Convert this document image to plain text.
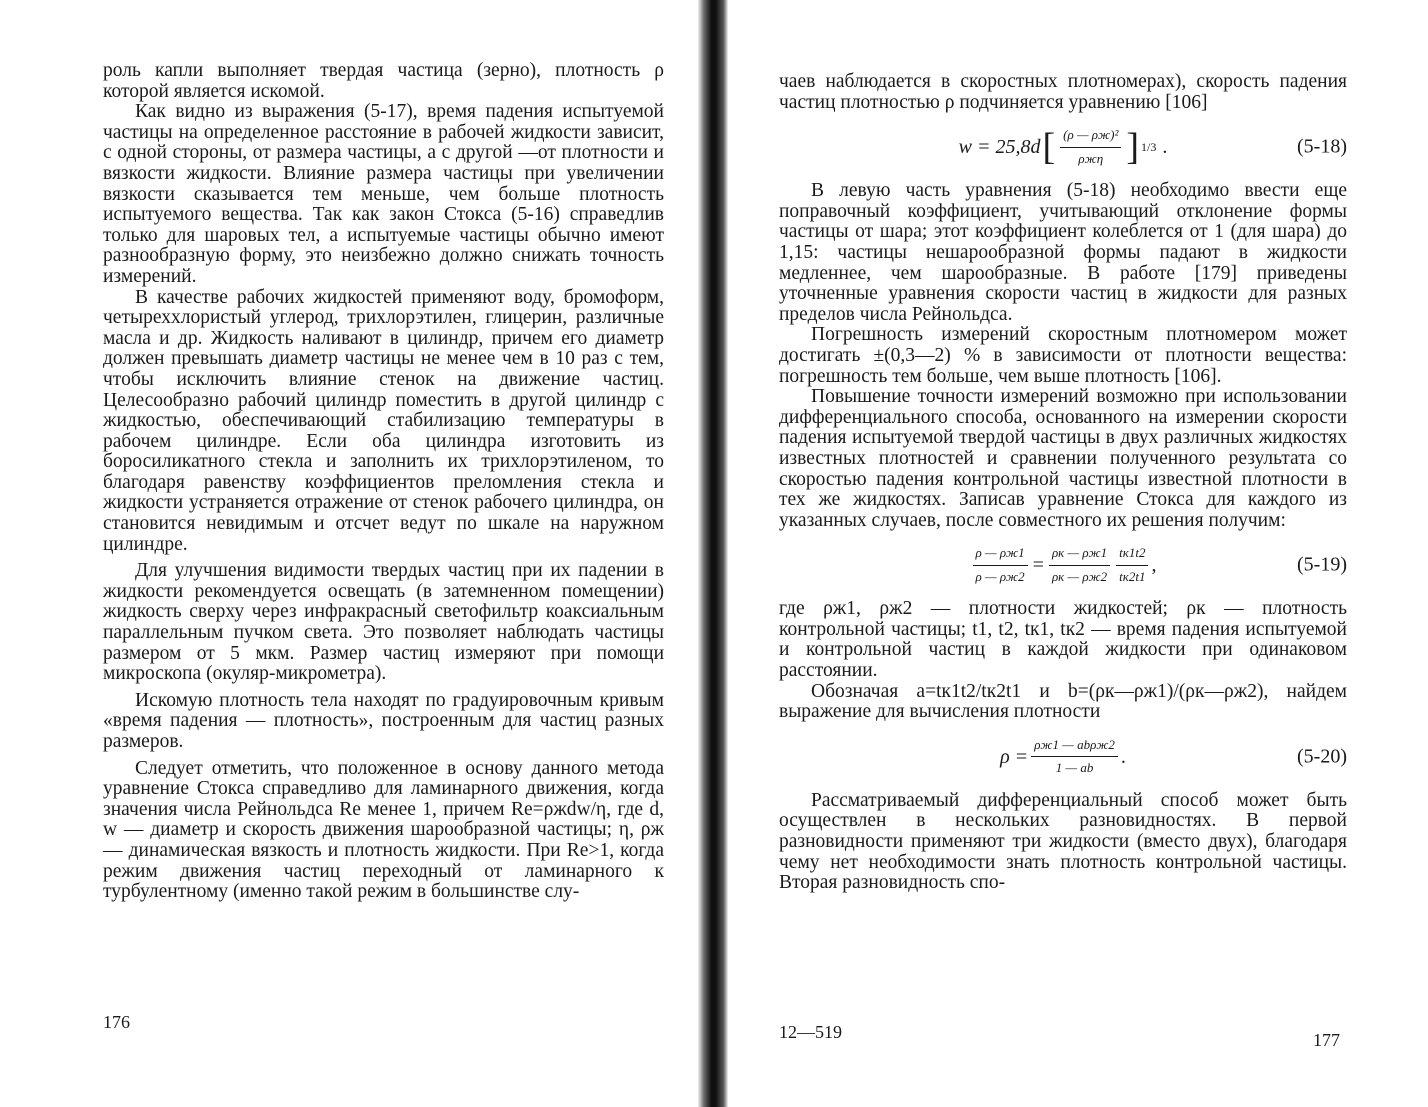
роль капли выполняет твердая частица (зерно), плотность ρ которой является искомой.

Как видно из выражения (5-17), время падения испытуемой частицы на определенное расстояние в рабочей жидкости зависит, с одной стороны, от размера частицы, а с другой —от плотности и вязкости жидкости. Влияние размера частицы при увеличении вязкости сказывается тем меньше, чем больше плотность испытуемого вещества. Так как закон Стокса (5-16) справедлив только для шаровых тел, а испытуемые частицы обычно имеют разнообразную форму, это неизбежно должно снижать точность измерений.

В качестве рабочих жидкостей применяют воду, бромоформ, четыреххлористый углерод, трихлорэтилен, глицерин, различные масла и др. Жидкость наливают в цилиндр, причем его диаметр должен превышать диаметр частицы не менее чем в 10 раз с тем, чтобы исключить влияние стенок на движение частиц. Целесообразно рабочий цилиндр поместить в другой цилиндр с жидкостью, обеспечивающий стабилизацию температуры в рабочем цилиндре. Если оба цилиндра изготовить из боросиликатного стекла и заполнить их трихлорэтиленом, то благодаря равенству коэффициентов преломления стекла и жидкости устраняется отражение от стенок рабочего цилиндра, он становится невидимым и отсчет ведут по шкале на наружном цилиндре.

Для улучшения видимости твердых частиц при их падении в жидкости рекомендуется освещать (в затемненном помещении) жидкость сверху через инфракрасный светофильтр коаксиальным параллельным пучком света. Это позволяет наблюдать частицы размером от 5 мкм. Размер частиц измеряют при помощи микроскопа (окуляр-микрометра).

Искомую плотность тела находят по градуировочным кривым «время падения — плотность», построенным для частиц разных размеров.

Следует отметить, что положенное в основу данного метода уравнение Стокса справедливо для ламинарного движения, когда значения числа Рейнольдса Re менее 1, причем Re=ρжdw/η, где d, w — диаметр и скорость движения шарообразной частицы; η, ρж — динамическая вязкость и плотность жидкости. При Re>1, когда режим движения частиц переходный от ламинарного к турбулентному (именно такой режим в большинстве слу-

176

чаев наблюдается в скоростных плотномерах), скорость падения частиц плотностью ρ подчиняется уравнению [106]

w = 25,8d [ $\frac{\text{(ρ — ρж)²}}{\text{ρжη}}$ ] 1/3 .	(5-18)

В левую часть уравнения (5-18) необходимо ввести еще поправочный коэффициент, учитывающий отклонение формы частицы от шара; этот коэффициент колеблется от 1 (для шара) до 1,15: частицы нешарообразной формы падают в жидкости медленнее, чем шарообразные. В работе [179] приведены уточненные уравнения скорости частиц в жидкости для разных пределов числа Рейнольдса.

Погрешность измерений скоростным плотномером может достигать ±(0,3—2) % в зависимости от плотности вещества: погрешность тем больше, чем выше плотность [106].

Повышение точности измерений возможно при использовании дифференциального способа, основанного на измерении скорости падения испытуемой твердой частицы в двух различных жидкостях известных плотностей и сравнении полученного результата со скоростью падения контрольной частицы известной плотности в тех же жидкостях. Записав уравнение Стокса для каждого из указанных случаев, после совместного их решения получим:

$\frac{\rho — \rho ж1}{\rho — \rho ж2} = \frac{\rho к — \rho ж1}{\rho к — \rho ж2} \frac{tк1t2}{tк2t1}$ ,	(5-19)

где ρж1, ρж2 — плотности жидкостей; ρк — плотность контрольной частицы; t1, t2, tк1, tк2 — время падения испытуемой и контрольной частиц в каждой жидкости при одинаковом расстоянии.

Обозначая a=tк1t2/tк2t1 и b=(ρк—ρж1)/(ρк—ρж2), найдем выражение для вычисления плотности

$\rho = \frac{\text{ρж1 — abρж2}}{1 — ab}$ .	(5-20)

Рассматриваемый дифференциальный способ может быть осуществлен в нескольких разновидностях. В первой разновидности применяют три жидкости (вместо двух), благодаря чему нет необходимости знать плотность контрольной частицы. Вторая разновидность спо-

12—519	177
